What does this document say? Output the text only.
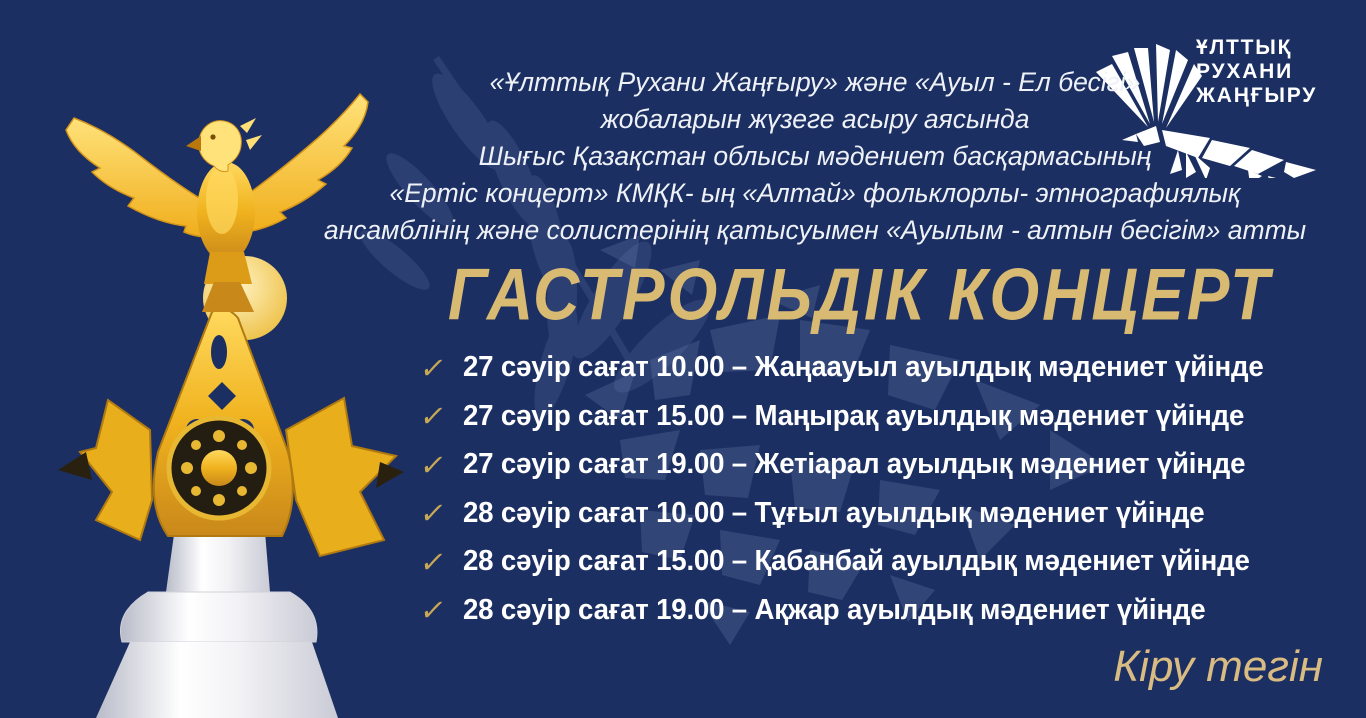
ҰЛТТЫҚ
РУХАНИ
ЖАҢҒЫРУ
«Ұлттық Рухани Жаңғыру» және «Ауыл - Ел бесігі»
жобаларын жүзеге асыру аясында
Шығыс Қазақстан облысы мәдениет басқармасының
«Ертіс концерт» КМҚК- ың «Алтай» фольклорлы- этнографиялық
ансамблінің және солистерінің қатысуымен «Ауылым - алтын бесігім» атты
ГАСТРОЛЬДІК КОНЦЕРТ
✓ 27 сәуір сағат 10.00 – Жаңаауыл ауылдық мәдениет үйінде
✓ 27 сәуір сағат 15.00 – Маңырақ ауылдық мәдениет үйінде
✓ 27 сәуір сағат 19.00 – Жетіарал ауылдық мәдениет үйінде
✓ 28 сәуір сағат 10.00 – Тұғыл ауылдық мәдениет үйінде
✓ 28 сәуір сағат 15.00 – Қабанбай ауылдық мәдениет үйінде
✓ 28 сәуір сағат 19.00 – Ақжар ауылдық мәдениет үйінде
Кіру тегін
